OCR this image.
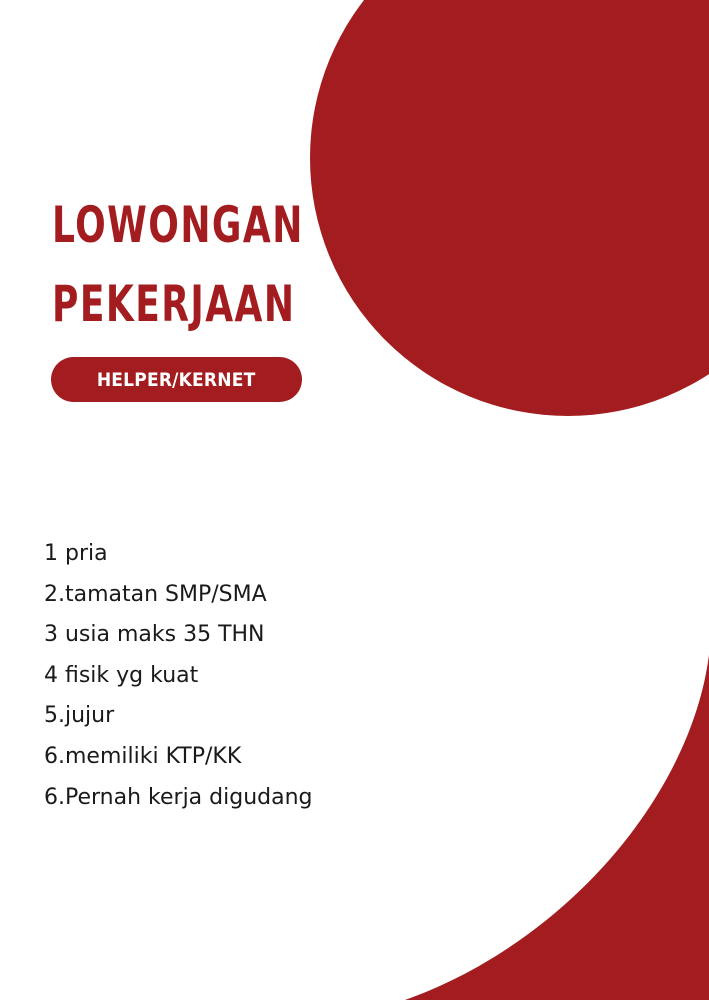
LOWONGAN
PEKERJAAN
HELPER/KERNET
1 pria
2.tamatan SMP/SMA
3 usia maks 35 THN
4 fisik yg kuat
5.jujur
6.memiliki KTP/KK
6.Pernah kerja digudang
